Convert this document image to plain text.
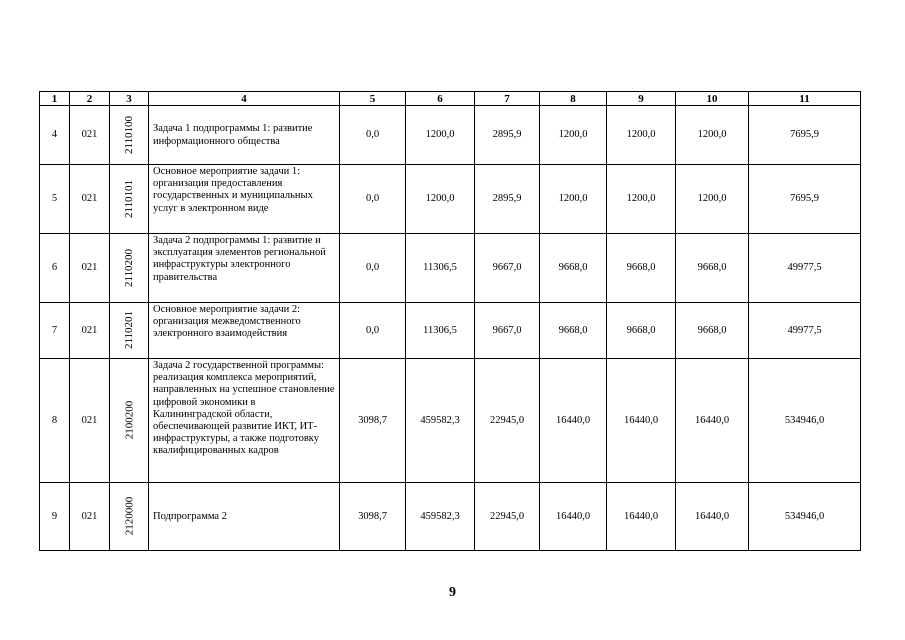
1	2	3	4	5	6	7	8	9	10	11
4	021	2110100	Задача 1 подпрограммы 1: развитие информационного общества	0,0	1200,0	2895,9	1200,0	1200,0	1200,0	7695,9
5	021	2110101	Основное мероприятие задачи 1: организация предоставления государственных и муниципальных услуг в электронном виде	0,0	1200,0	2895,9	1200,0	1200,0	1200,0	7695,9
6	021	2110200	Задача 2 подпрограммы 1: развитие и эксплуатация элементов региональной инфраструктуры электронного правительства	0,0	11306,5	9667,0	9668,0	9668,0	9668,0	49977,5
7	021	2110201	Основное мероприятие задачи 2: организация межведомственного электронного взаимодействия	0,0	11306,5	9667,0	9668,0	9668,0	9668,0	49977,5
8	021	2100200	Задача 2 государственной программы: реализация комплекса мероприятий, направленных на успешное становление цифровой экономики в Калининградской области, обеспечивающей развитие ИКТ, ИТ-инфраструктуры, а также подготовку квалифицированных кадров	3098,7	459582,3	22945,0	16440,0	16440,0	16440,0	534946,0
9	021	2120000	Подпрограмма 2	3098,7	459582,3	22945,0	16440,0	16440,0	16440,0	534946,0
9
